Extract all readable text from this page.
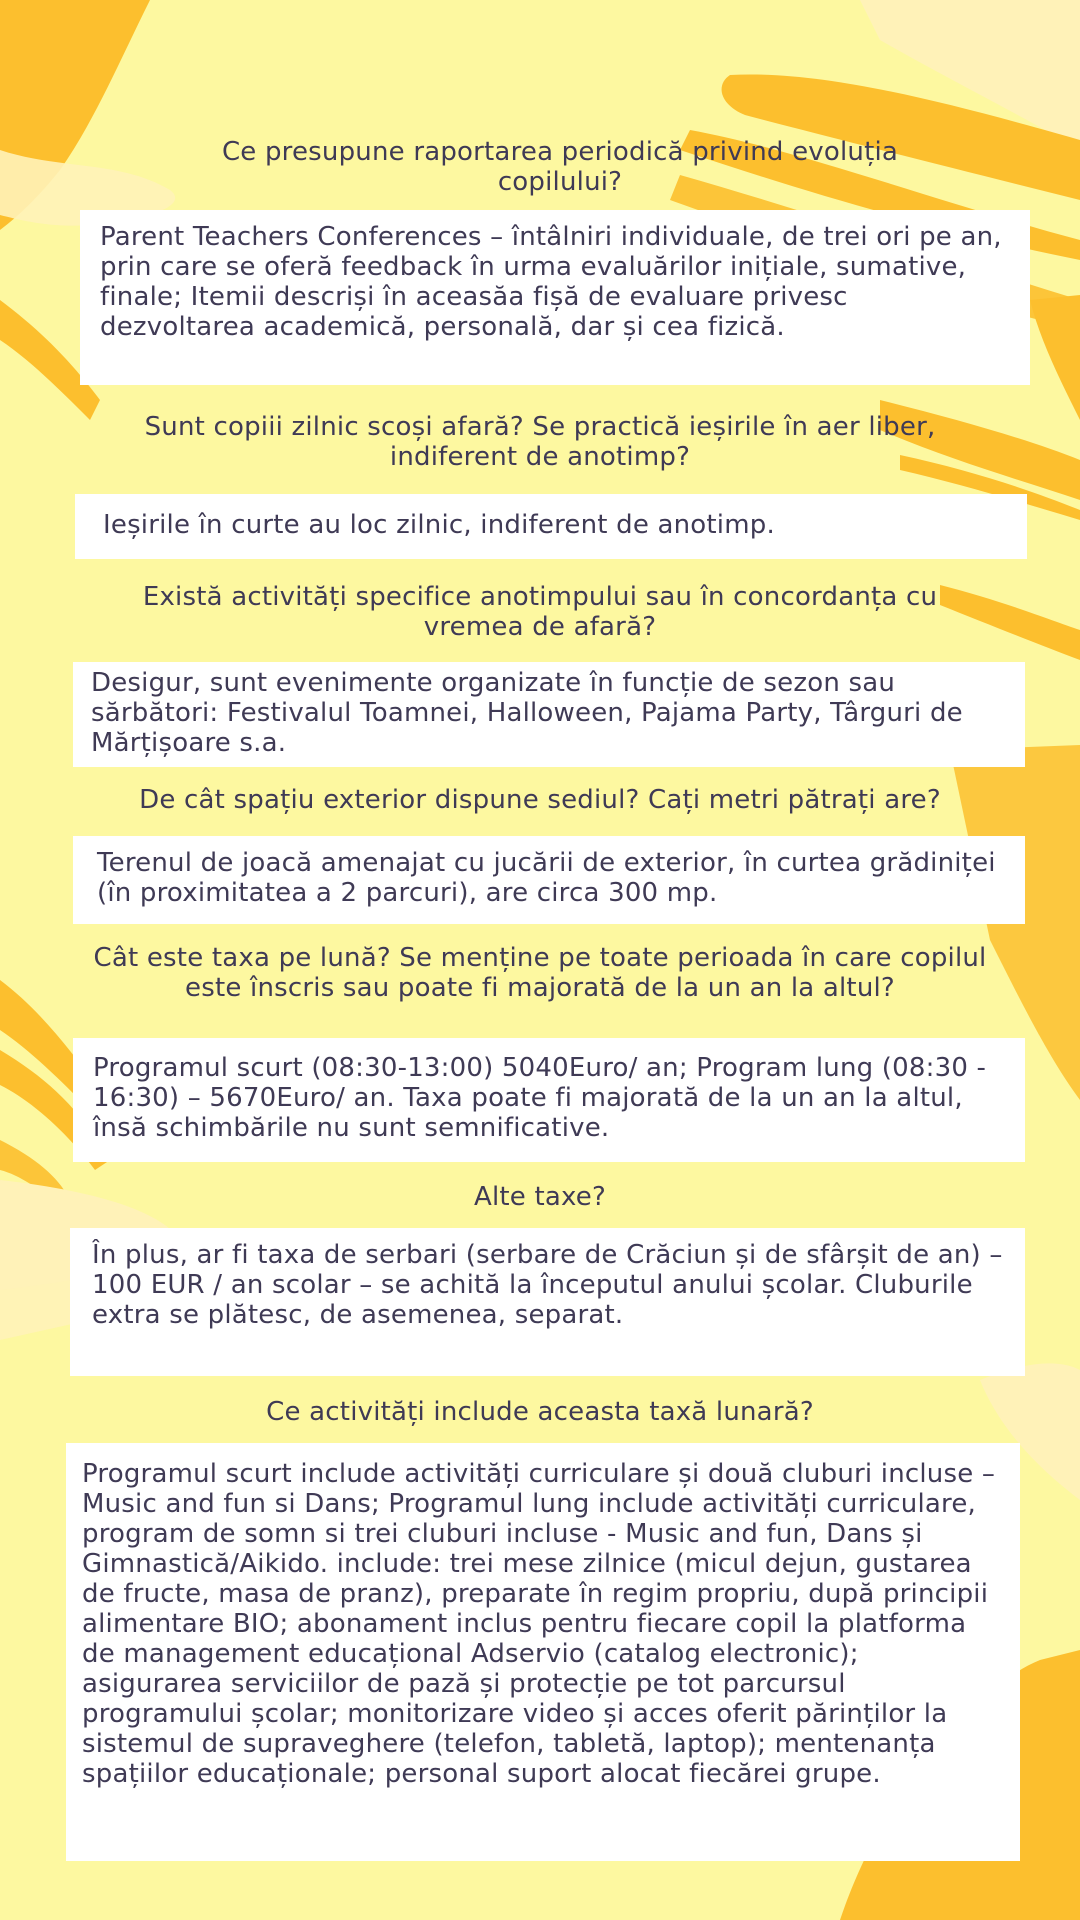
Ce presupune raportarea periodică privind evoluția copilului?
Parent Teachers Conferences – întâlniri individuale, de trei ori pe an, prin care se oferă feedback în urma evaluărilor inițiale, sumative, finale; Itemii descriși în aceasăa fișă de evaluare privesc dezvoltarea academică, personală, dar și cea fizică.
Sunt copiii zilnic scoși afară? Se practică ieșirile în aer liber, indiferent de anotimp?
Ieșirile în curte au loc zilnic, indiferent de anotimp.
Există activități specifice anotimpului sau în concordanța cu vremea de afară?
Desigur, sunt evenimente organizate în funcție de sezon sau sărbători: Festivalul Toamnei, Halloween, Pajama Party, Târguri de Mărțișoare s.a.
De cât spațiu exterior dispune sediul? Cați metri pătrați are?
Terenul de joacă amenajat cu jucării de exterior, în curtea grădiniței (în proximitatea a 2 parcuri), are circa 300 mp.
Cât este taxa pe lună? Se menține pe toate perioada în care copilul este înscris sau poate fi majorată de la un an la altul?
Programul scurt (08:30-13:00) 5040Euro/ an; Program lung (08:30 - 16:30) – 5670Euro/ an. Taxa poate fi majorată de la un an la altul, însă schimbările nu sunt semnificative.
Alte taxe?
În plus, ar fi taxa de serbari (serbare de Crăciun și de sfârșit de an) – 100 EUR / an scolar – se achită la începutul anului școlar. Cluburile extra se plătesc, de asemenea, separat.
Ce activități include aceasta taxă lunară?
Programul scurt include activități curriculare și două cluburi incluse – Music and fun si Dans; Programul lung include activități curriculare, program de somn si trei cluburi incluse - Music and fun, Dans și Gimnastică/Aikido. include: trei mese zilnice (micul dejun, gustarea de fructe, masa de pranz), preparate în regim propriu, după principii alimentare BIO; abonament inclus pentru fiecare copil la platforma de management educațional Adservio (catalog electronic); asigurarea serviciilor de pază și protecție pe tot parcursul programului școlar; monitorizare video și acces oferit părinților la sistemul de supraveghere (telefon, tabletă, laptop); mentenanța spațiilor educaționale; personal suport alocat fiecărei grupe.
